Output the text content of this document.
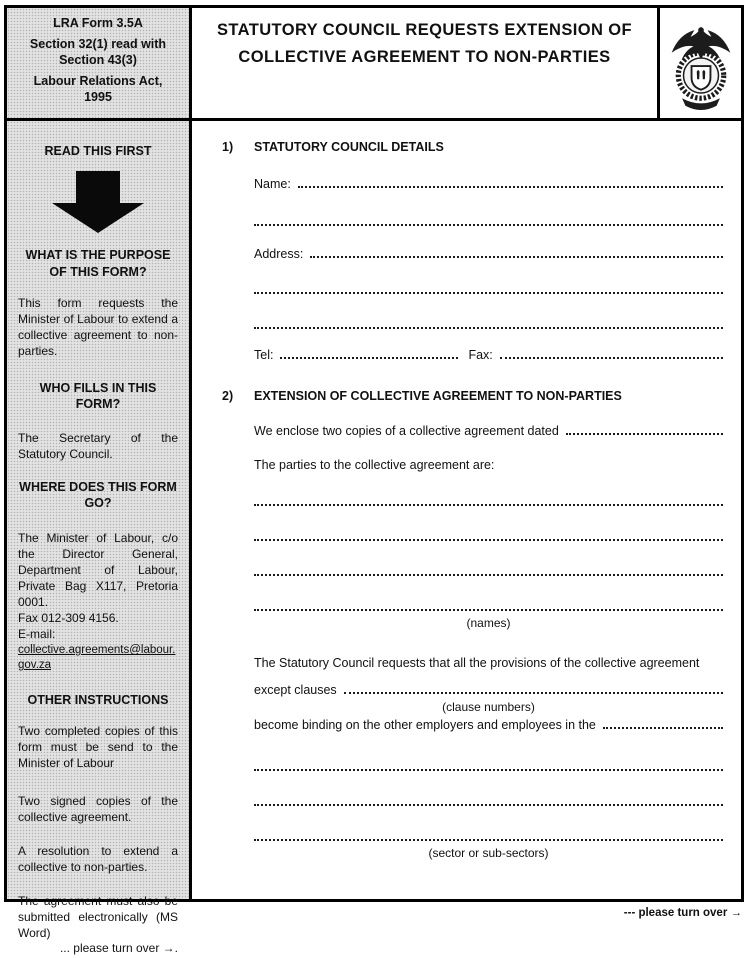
LRA Form 3.5A
Section 32(1) read with
Section 43(3)
Labour Relations Act,
1995
STATUTORY COUNCIL REQUESTS EXTENSION OF
COLLECTIVE AGREEMENT TO NON-PARTIES
READ THIS FIRST
WHAT IS THE PURPOSE OF THIS FORM?
This form requests the Minister of Labour to extend a collective agreement to non-parties.
WHO FILLS IN THIS FORM?
The Secretary of the Statutory Council.
WHERE DOES THIS FORM GO?
The Minister of Labour, c/o the Director General, Department of Labour, Private Bag X117, Pretoria 0001.
Fax 012-309 4156.
E-mail:
collective.agreements@labour.gov.za
OTHER INSTRUCTIONS
Two completed copies of this form must be send to the Minister of Labour
Two signed copies of the collective agreement.
A resolution to extend a collective to non-parties.
The agreement must also be submitted electronically (MS Word)
... please turn over →.
1)	STATUTORY COUNCIL DETAILS
Name:
Address:
Tel:	Fax:
2)	EXTENSION OF COLLECTIVE AGREEMENT TO NON-PARTIES
We enclose two copies of a collective agreement dated
The parties to the collective agreement are:
(names)
The Statutory Council requests that all the provisions of the collective agreement
except clauses
(clause numbers)
become binding on the other employers and employees in the
(sector or sub-sectors)
--- please turn over →
